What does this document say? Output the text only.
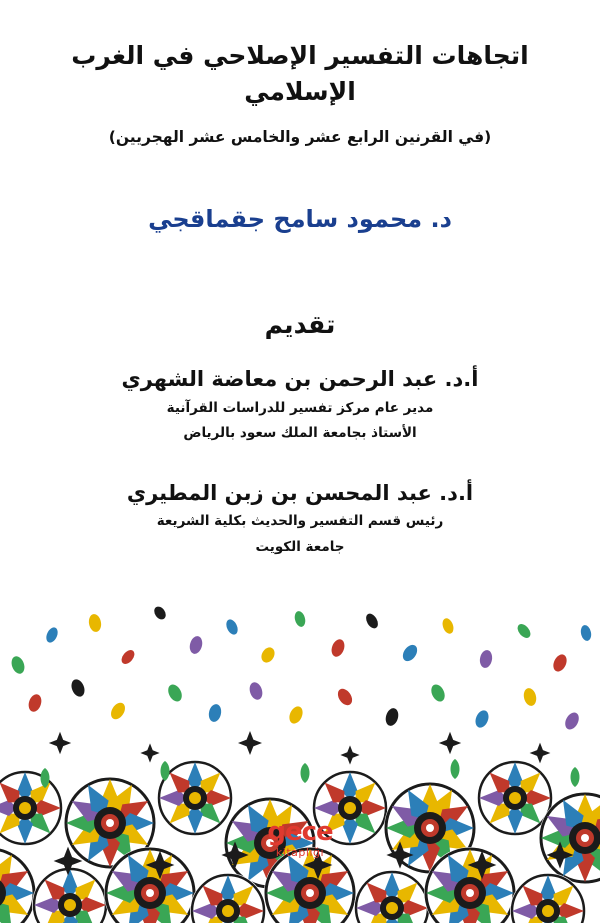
اتجاهات التفسير الإصلاحي في الغرب الإسلامي
(في القرنين الرابع عشر والخامس عشر الهجريين)
د. محمود سامح جقماقجي
تقديم
أ.د. عبد الرحمن بن معاضة الشهري
مدير عام مركز تفسير للدراسات القرآنية
الأستاذ بجامعة الملك سعود بالرياض
أ.د. عبد المحسن بن زبن المطيري
رئيس قسم التفسير والحديث بكلية الشريعة
جامعة الكويت
gece
kitaplığı
